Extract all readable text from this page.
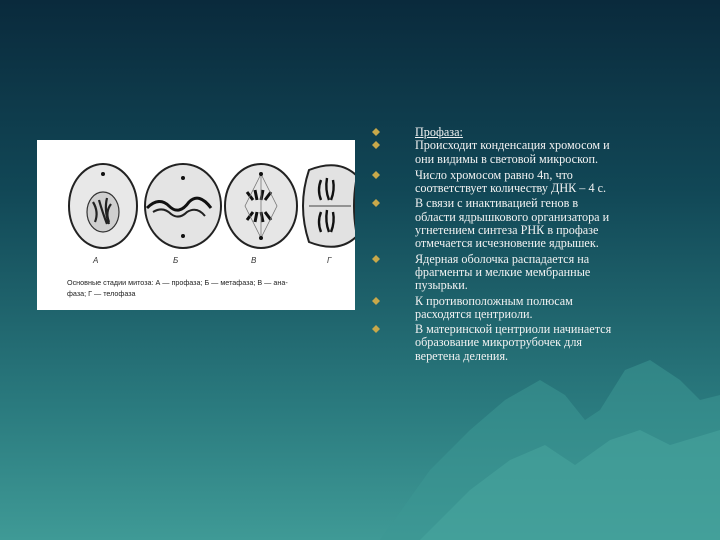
А	Б	В	Г
Основные стадии митоза: А — профаза; Б — метафаза; В — ана-
фаза; Г — телофаза
Профаза:
Происходит конденсация хромосом и
они видимы в световой микроскоп.
Число хромосом равно 4n, что
соответствует количеству ДНК – 4 с.
В связи с инактивацией генов в
области ядрышкового организатора и
угнетением синтеза РНК в профазе
отмечается исчезновение ядрышек.
Ядерная оболочка распадается на
фрагменты и мелкие мембранные
пузырьки.
К противоположным полюсам
расходятся центриоли.
В материнской центриоли начинается
образование микротрубочек для
веретена деления.
